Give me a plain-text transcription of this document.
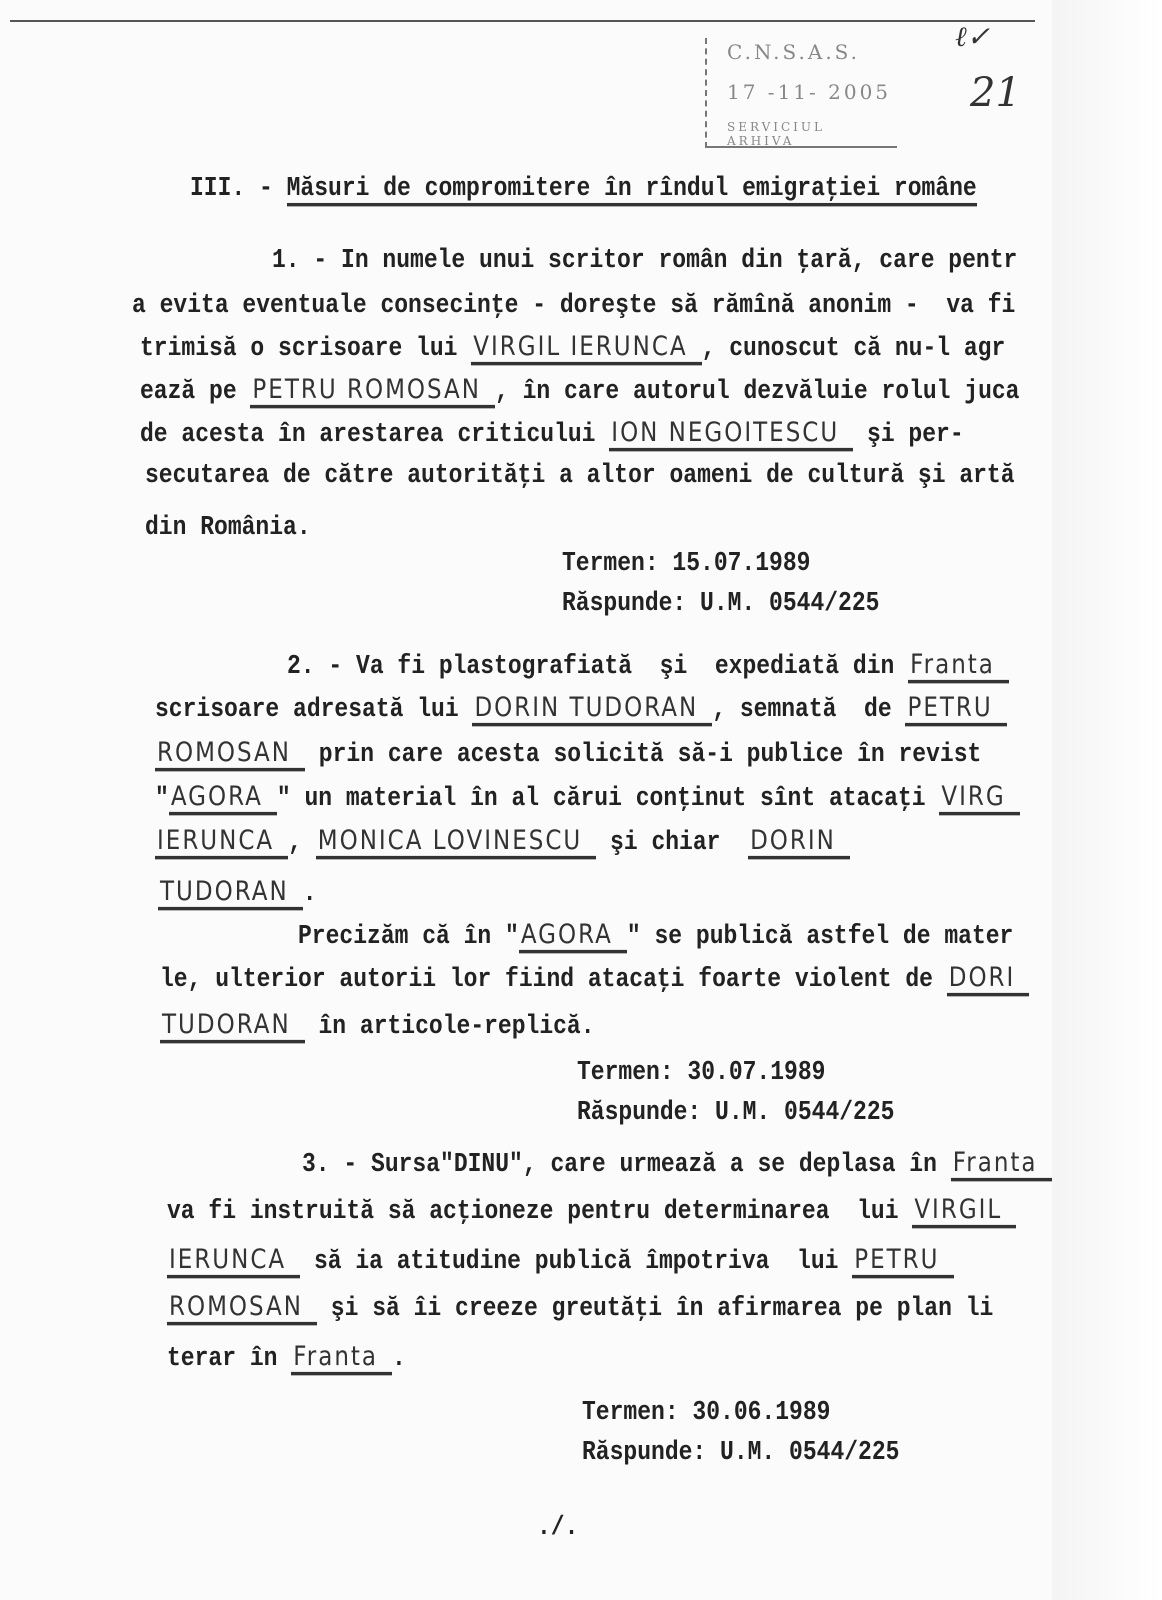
C.N.S.A.S.
17 -11- 2005
SERVICIUL ARHIVA
ℓ✓
21
III. - Măsuri de compromitere în rîndul emigraţiei române
1. - In numele unui scritor român din ţară, care pentr
a evita eventuale consecinţe - doreşte să rămînă anonim -  va fi
trimisă o scrisoare lui VIRGIL IERUNCA , cunoscut că nu-l agr
ează pe PETRU ROMOSAN , în care autorul dezvăluie rolul juca
de acesta în arestarea criticului ION NEGOITESCU şi per-
secutarea de către autorităţi a altor oameni de cultură şi artă
din România.
Termen: 15.07.1989
Răspunde: U.M. 0544/225
2. - Va fi plastografiată  şi  expediată din Franta
scrisoare adresată lui DORIN TUDORAN , semnată  de PETRU
ROMOSAN prin care acesta solicită să-i publice în revist
"AGORA " un material în al cărui conţinut sînt atacaţi VIRG
IERUNCA , MONICA LOVINESCU şi chiar  DORIN
TUDORAN .
Precizăm că în "AGORA " se publică astfel de mater
le, ulterior autorii lor fiind atacaţi foarte violent de DORI
TUDORAN în articole-replică.
Termen: 30.07.1989
Răspunde: U.M. 0544/225
3. - Sursa"DINU", care urmează a se deplasa în Franta
va fi instruită să acţioneze pentru determinarea  lui VIRGIL
IERUNCA să ia atitudine publică împotriva  lui PETRU
ROMOSAN şi să îi creeze greutăţi în afirmarea pe plan li
terar în Franta .
Termen: 30.06.1989
Răspunde: U.M. 0544/225
./.
